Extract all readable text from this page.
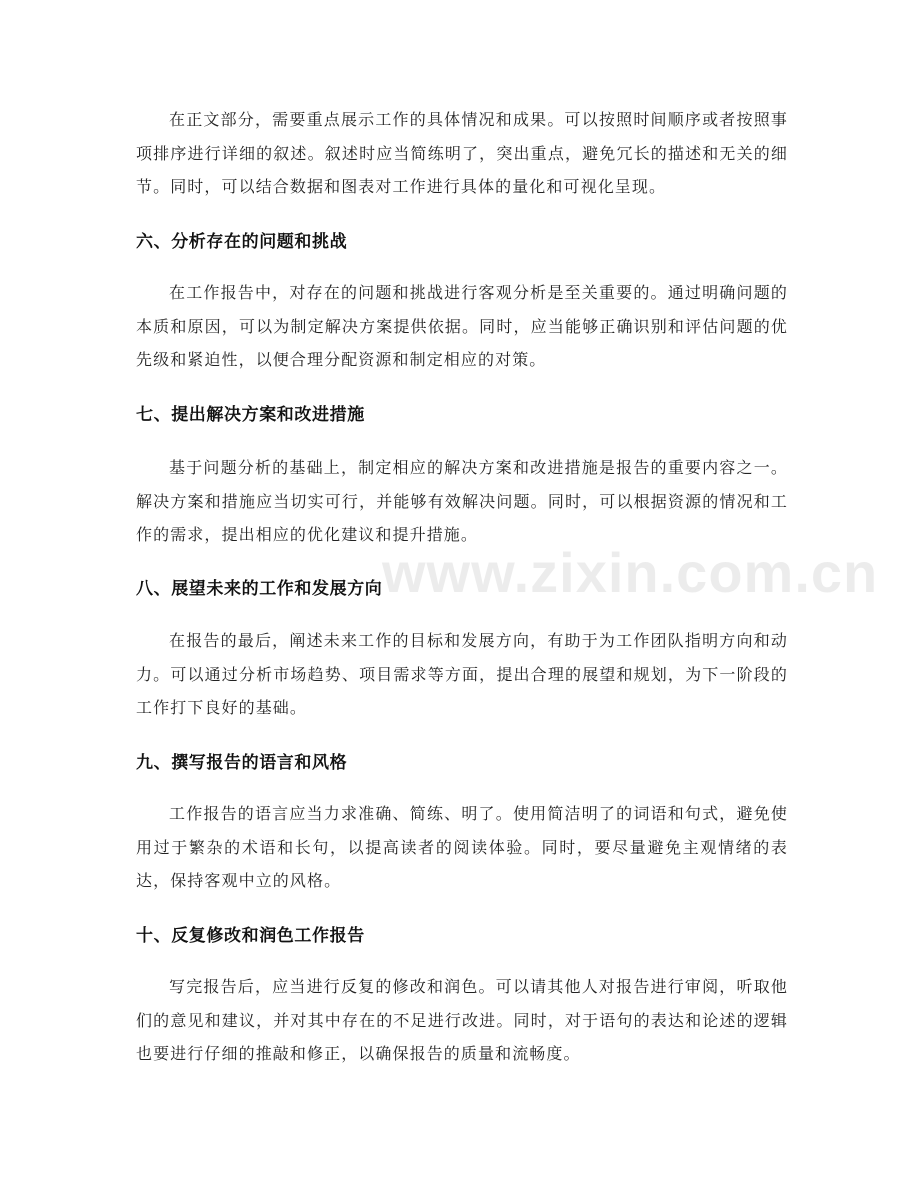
在正文部分，需要重点展示工作的具体情况和成果。可以按照时间顺序或者按照事项排序进行详细的叙述。叙述时应当简练明了，突出重点，避免冗长的描述和无关的细节。同时，可以结合数据和图表对工作进行具体的量化和可视化呈现。

六、分析存在的问题和挑战

在工作报告中，对存在的问题和挑战进行客观分析是至关重要的。通过明确问题的本质和原因，可以为制定解决方案提供依据。同时，应当能够正确识别和评估问题的优先级和紧迫性，以便合理分配资源和制定相应的对策。

七、提出解决方案和改进措施

基于问题分析的基础上，制定相应的解决方案和改进措施是报告的重要内容之一。解决方案和措施应当切实可行，并能够有效解决问题。同时，可以根据资源的情况和工作的需求，提出相应的优化建议和提升措施。

八、展望未来的工作和发展方向

在报告的最后，阐述未来工作的目标和发展方向，有助于为工作团队指明方向和动力。可以通过分析市场趋势、项目需求等方面，提出合理的展望和规划，为下一阶段的工作打下良好的基础。

九、撰写报告的语言和风格

工作报告的语言应当力求准确、简练、明了。使用简洁明了的词语和句式，避免使用过于繁杂的术语和长句，以提高读者的阅读体验。同时，要尽量避免主观情绪的表达，保持客观中立的风格。

十、反复修改和润色工作报告

写完报告后，应当进行反复的修改和润色。可以请其他人对报告进行审阅，听取他们的意见和建议，并对其中存在的不足进行改进。同时，对于语句的表达和论述的逻辑也要进行仔细的推敲和修正，以确保报告的质量和流畅度。

www.zixin.com.cn
